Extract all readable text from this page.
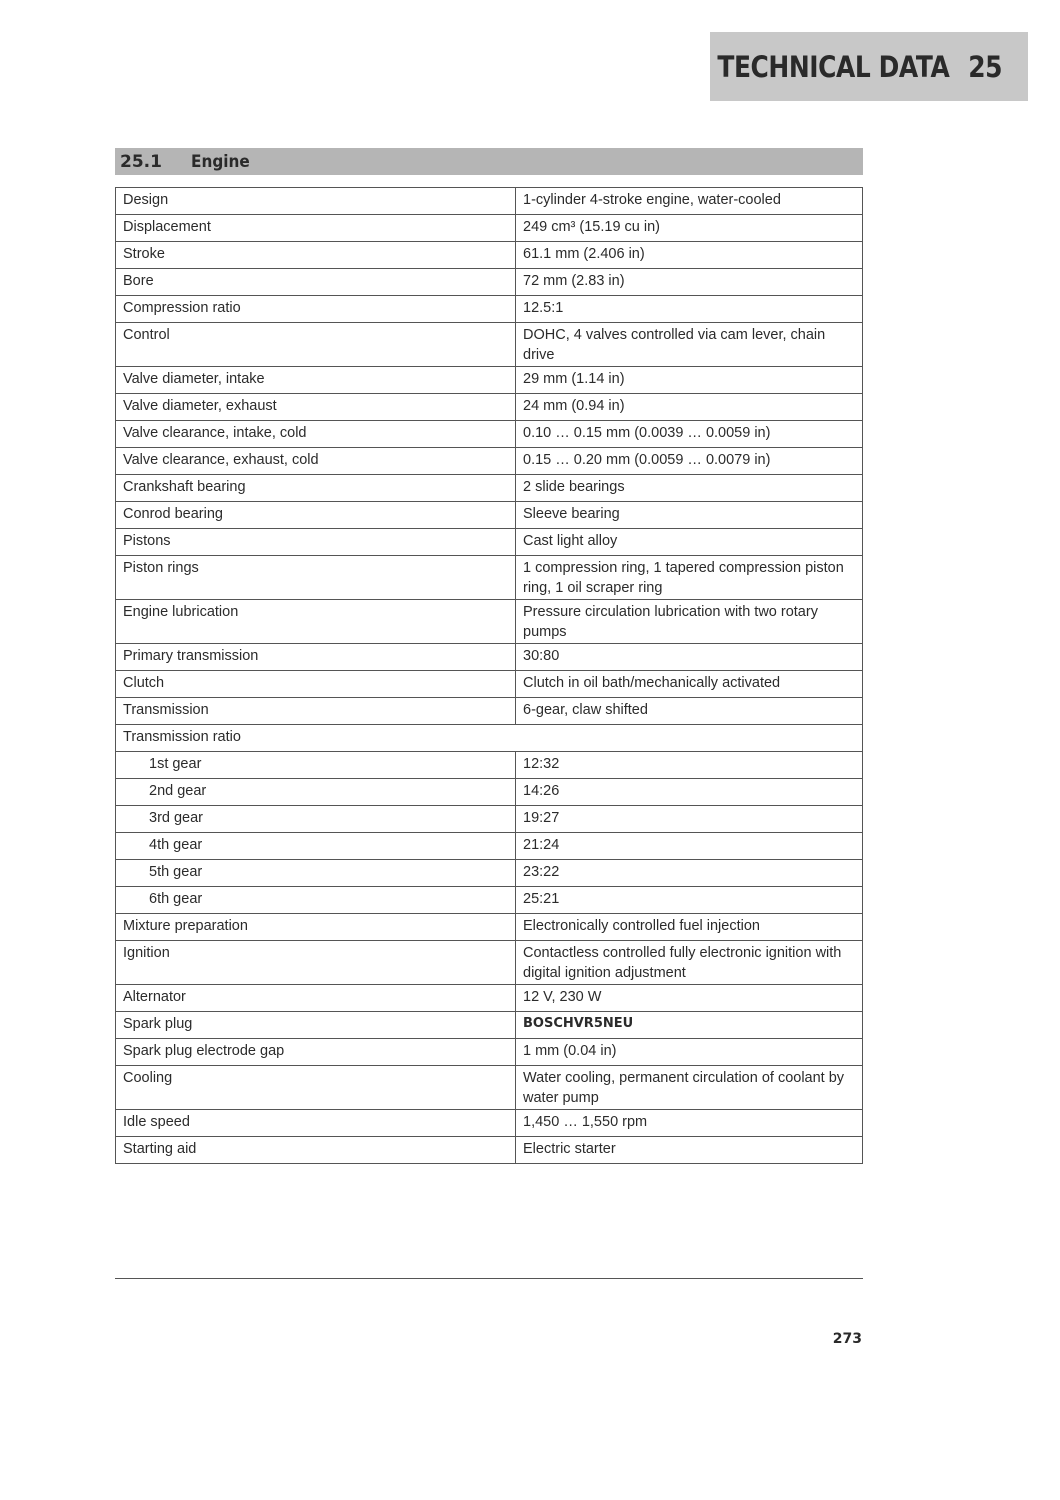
TECHNICAL DATA 25
25.1	Engine
Design	1-cylinder 4-stroke engine, water-cooled
Displacement	249 cm³ (15.19 cu in)
Stroke	61.1 mm (2.406 in)
Bore	72 mm (2.83 in)
Compression ratio	12.5:1
Control	DOHC, 4 valves controlled via cam lever, chain drive
Valve diameter, intake	29 mm (1.14 in)
Valve diameter, exhaust	24 mm (0.94 in)
Valve clearance, intake, cold	0.10 … 0.15 mm (0.0039 … 0.0059 in)
Valve clearance, exhaust, cold	0.15 … 0.20 mm (0.0059 … 0.0079 in)
Crankshaft bearing	2 slide bearings
Conrod bearing	Sleeve bearing
Pistons	Cast light alloy
Piston rings	1 compression ring, 1 tapered compression piston ring, 1 oil scraper ring
Engine lubrication	Pressure circulation lubrication with two rotary pumps
Primary transmission	30:80
Clutch	Clutch in oil bath/mechanically activated
Transmission	6-gear, claw shifted
Transmission ratio	
1st gear	12:32
2nd gear	14:26
3rd gear	19:27
4th gear	21:24
5th gear	23:22
6th gear	25:21
Mixture preparation	Electronically controlled fuel injection
Ignition	Contactless controlled fully electronic ignition with digital ignition adjustment
Alternator	12 V, 230 W
Spark plug	BOSCHVR5NEU
Spark plug electrode gap	1 mm (0.04 in)
Cooling	Water cooling, permanent circulation of coolant by water pump
Idle speed	1,450 … 1,550 rpm
Starting aid	Electric starter
273
